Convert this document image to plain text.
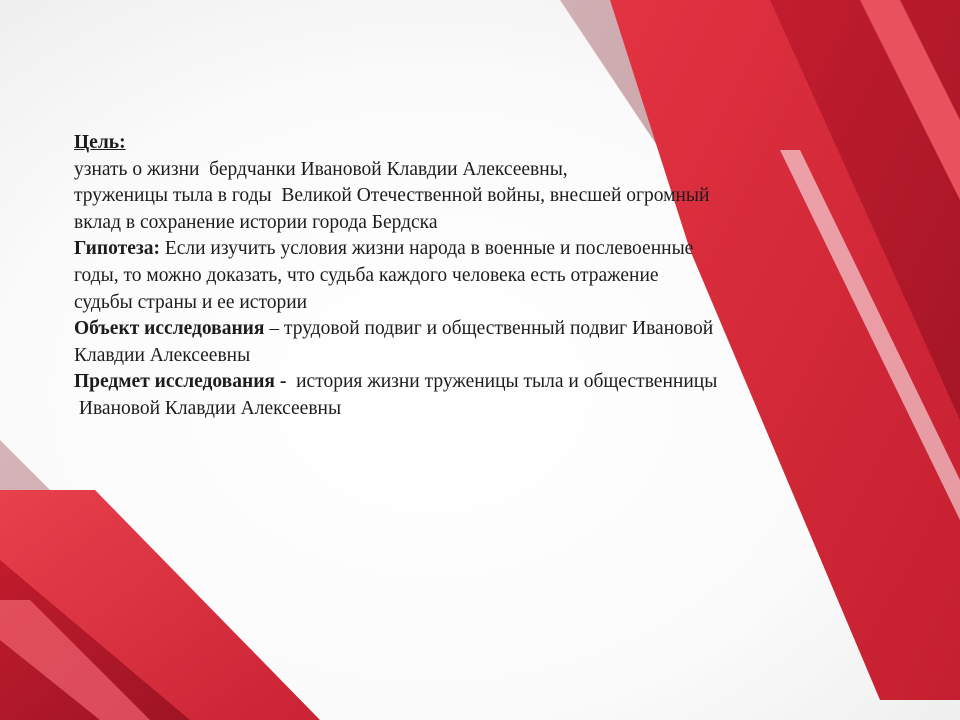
Цель:
узнать о жизни  бердчанки Ивановой Клавдии Алексеевны,
труженицы тыла в годы  Великой Отечественной войны, внесшей огромный
вклад в сохранение истории города Бердска
Гипотеза: Если изучить условия жизни народа в военные и послевоенные
годы, то можно доказать, что судьба каждого человека есть отражение
судьбы страны и ее истории
Объект исследования – трудовой подвиг и общественный подвиг Ивановой
Клавдии Алексеевны
Предмет исследования -  история жизни труженицы тыла и общественницы
Ивановой Клавдии Алексеевны
